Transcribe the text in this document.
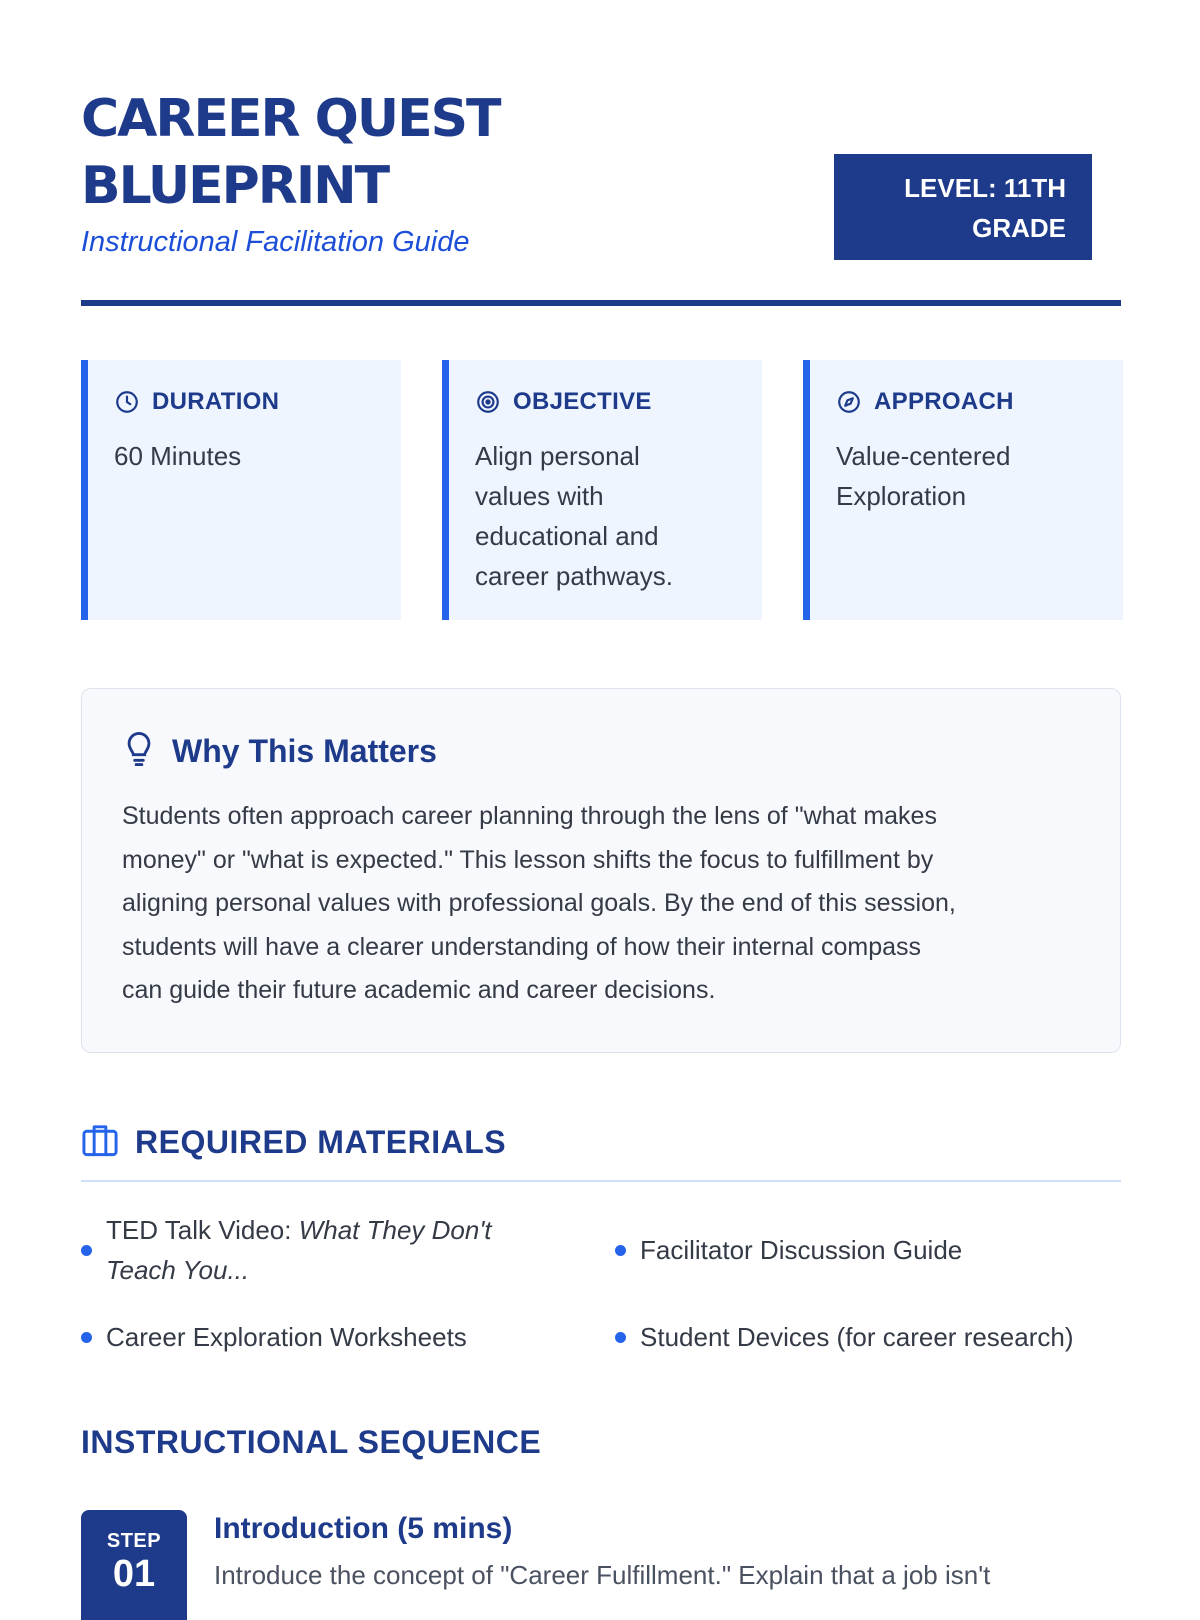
CAREER QUEST
BLUEPRINT
Instructional Facilitation Guide
LEVEL: 11TH
GRADE
DURATION
60 Minutes
OBJECTIVE
Align personal
values with
educational and
career pathways.
APPROACH
Value-centered
Exploration
Why This Matters
Students often approach career planning through the lens of "what makes
money" or "what is expected." This lesson shifts the focus to fulfillment by
aligning personal values with professional goals. By the end of this session,
students will have a clearer understanding of how their internal compass
can guide their future academic and career decisions.
REQUIRED MATERIALS
TED Talk Video: What They Don't
Teach You...
Facilitator Discussion Guide
Career Exploration Worksheets	Student Devices (for career research)
INSTRUCTIONAL SEQUENCE
STEP
01
Introduction (5 mins)
Introduce the concept of "Career Fulfillment." Explain that a job isn't
